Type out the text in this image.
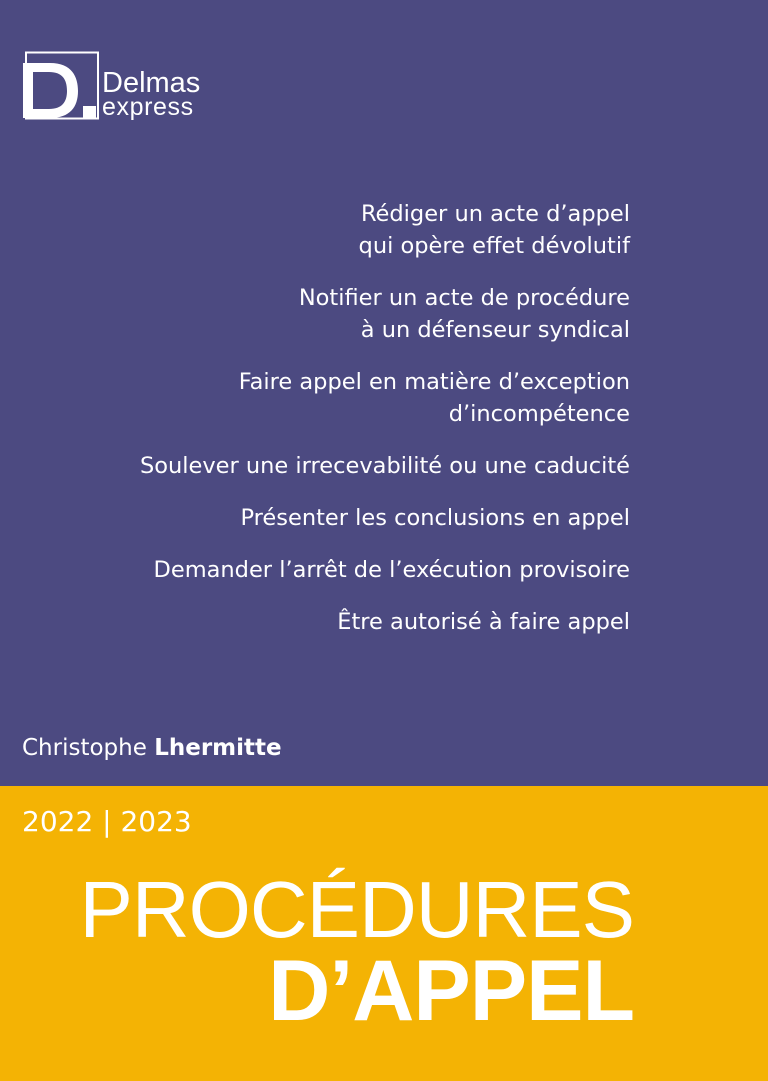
Delmas
express
Rédiger un acte d’appel
qui opère effet dévolutif
Notifier un acte de procédure
à un défenseur syndical
Faire appel en matière d’exception
d’incompétence
Soulever une irrecevabilité ou une caducité
Présenter les conclusions en appel
Demander l’arrêt de l’exécution provisoire
Être autorisé à faire appel
Christophe Lhermitte
2022 | 2023
PROCÉDURES
D’APPEL
